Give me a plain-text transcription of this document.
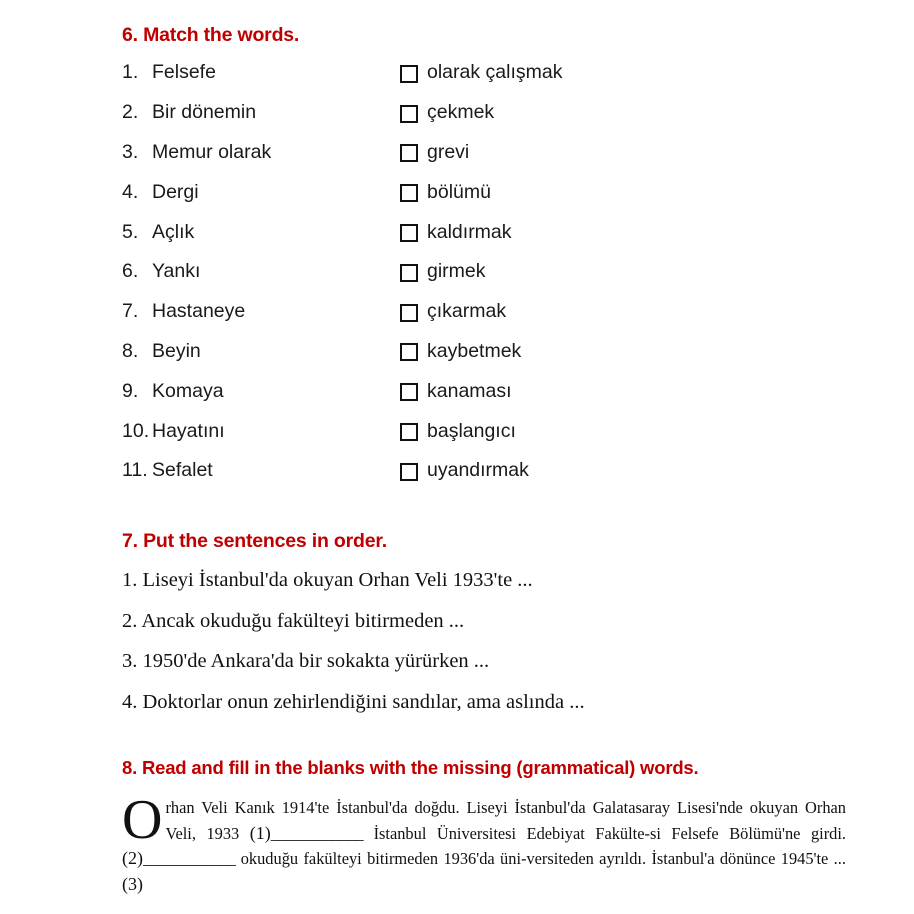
6. Match the words.
1. Felsefe	olarak çalışmak
2. Bir dönemin	çekmek
3. Memur olarak	grevi
4. Dergi	bölümü
5. Açlık	kaldırmak
6. Yankı	girmek
7. Hastaneye	çıkarmak
8. Beyin	kaybetmek
9. Komaya	kanaması
10. Hayatını	başlangıcı
11. Sefalet	uyandırmak
7. Put the sentences in order.
1. Liseyi İstanbul'da okuyan Orhan Veli 1933'te ...
2. Ancak okuduğu fakülteyi bitirmeden ...
3. 1950'de Ankara'da bir sokakta yürürken ...
4. Doktorlar onun zehirlendiğini sandılar, ama aslında ...
8. Read and fill in the blanks with the missing (grammatical) words.

Orhan Veli Kanık 1914'te İstanbul'da doğdu. Liseyi İstanbul'da Galatasaray Lisesi'nde okuyan Orhan Veli, 1933 (1)____________ İstanbul Üniversitesi Edebiyat Fakülte-si Felsefe Bölümü'ne girdi. (2)____________ okuduğu fakülteyi bitirmeden 1936'da üni-versiteden ayrıldı. İstanbul'a dönünce 1945'te ...(3)
